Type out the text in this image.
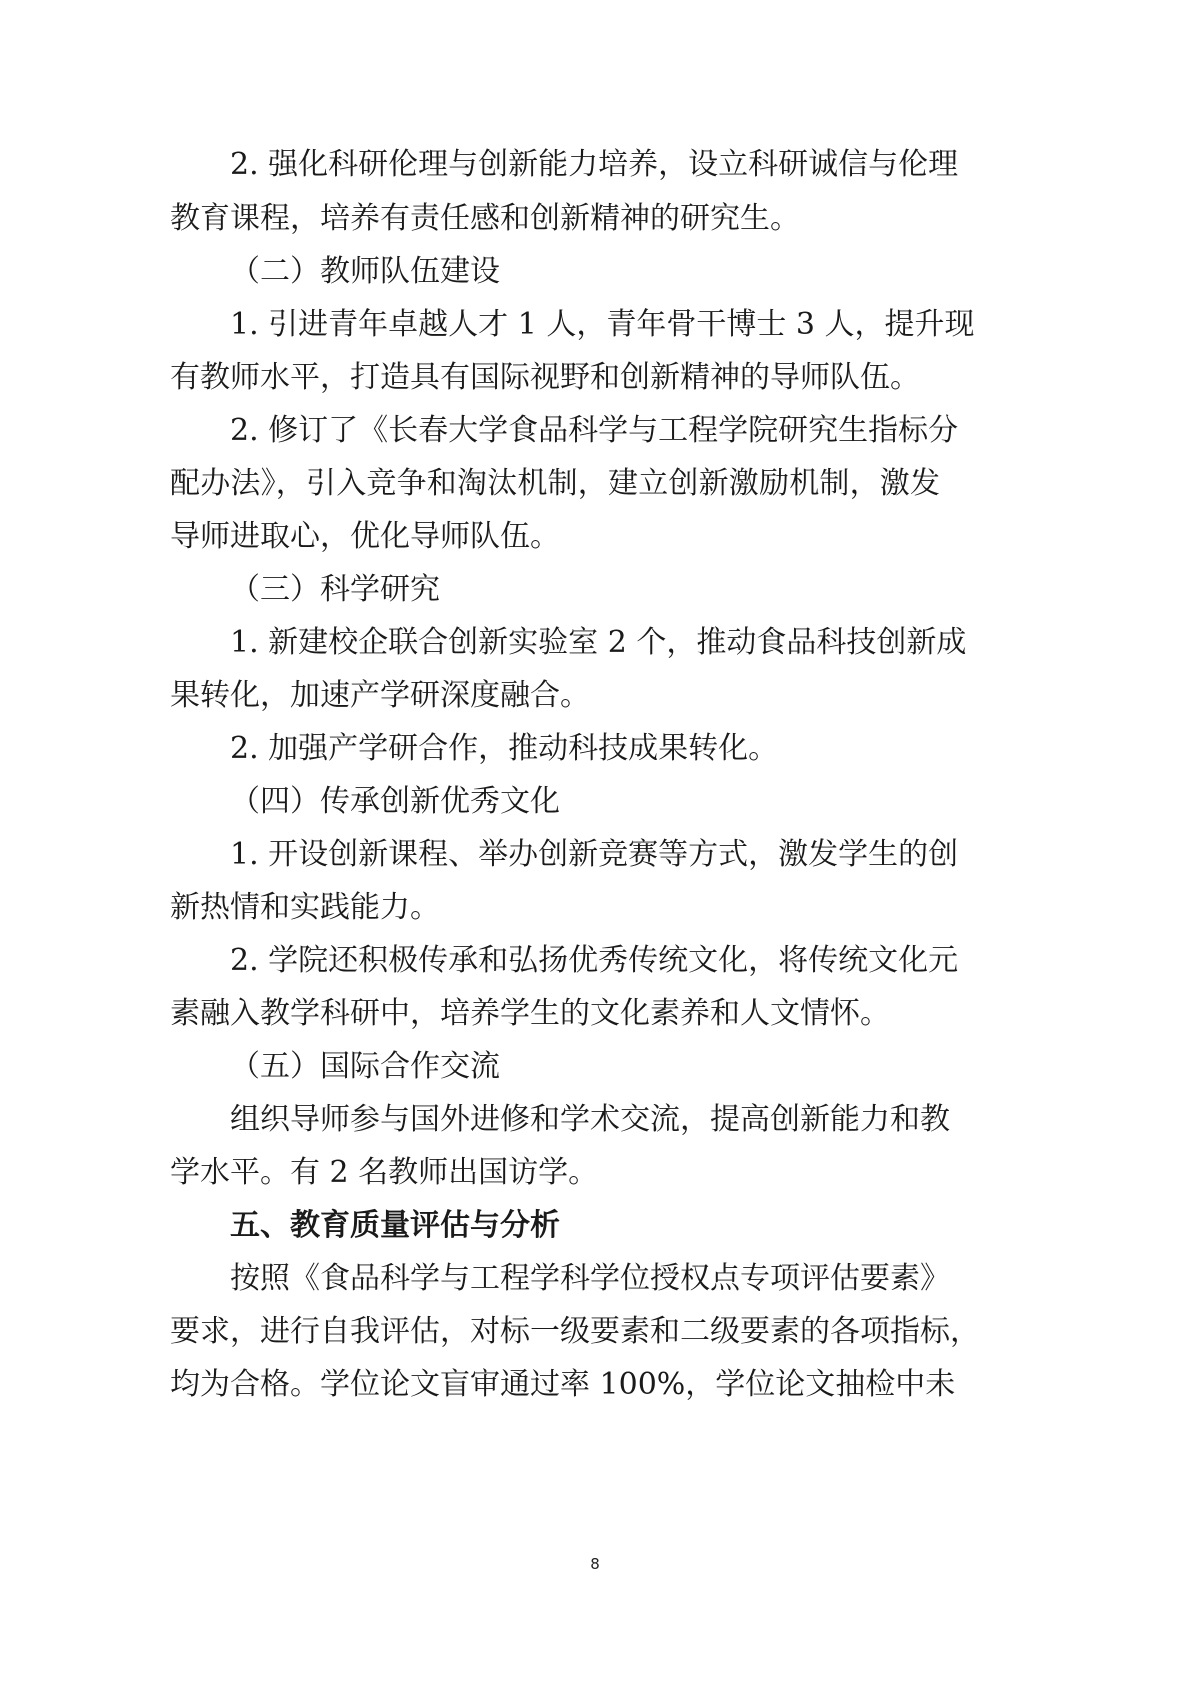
2. 强化科研伦理与创新能力培养，设立科研诚信与伦理
教育课程，培养有责任感和创新精神的研究生。
（二）教师队伍建设
1. 引进青年卓越人才 1 人，青年骨干博士 3 人，提升现
有教师水平，打造具有国际视野和创新精神的导师队伍。
2. 修订了《长春大学食品科学与工程学院研究生指标分
配办法》，引入竞争和淘汰机制，建立创新激励机制，激发
导师进取心，优化导师队伍。
（三）科学研究
1. 新建校企联合创新实验室 2 个，推动食品科技创新成
果转化，加速产学研深度融合。
2. 加强产学研合作，推动科技成果转化。
（四）传承创新优秀文化
1. 开设创新课程、举办创新竞赛等方式，激发学生的创
新热情和实践能力。
2. 学院还积极传承和弘扬优秀传统文化，将传统文化元
素融入教学科研中，培养学生的文化素养和人文情怀。
（五）国际合作交流
组织导师参与国外进修和学术交流，提高创新能力和教
学水平。有 2 名教师出国访学。
五、教育质量评估与分析
按照《食品科学与工程学科学位授权点专项评估要素》
要求，进行自我评估，对标一级要素和二级要素的各项指标，
均为合格。学位论文盲审通过率 100%，学位论文抽检中未
8
